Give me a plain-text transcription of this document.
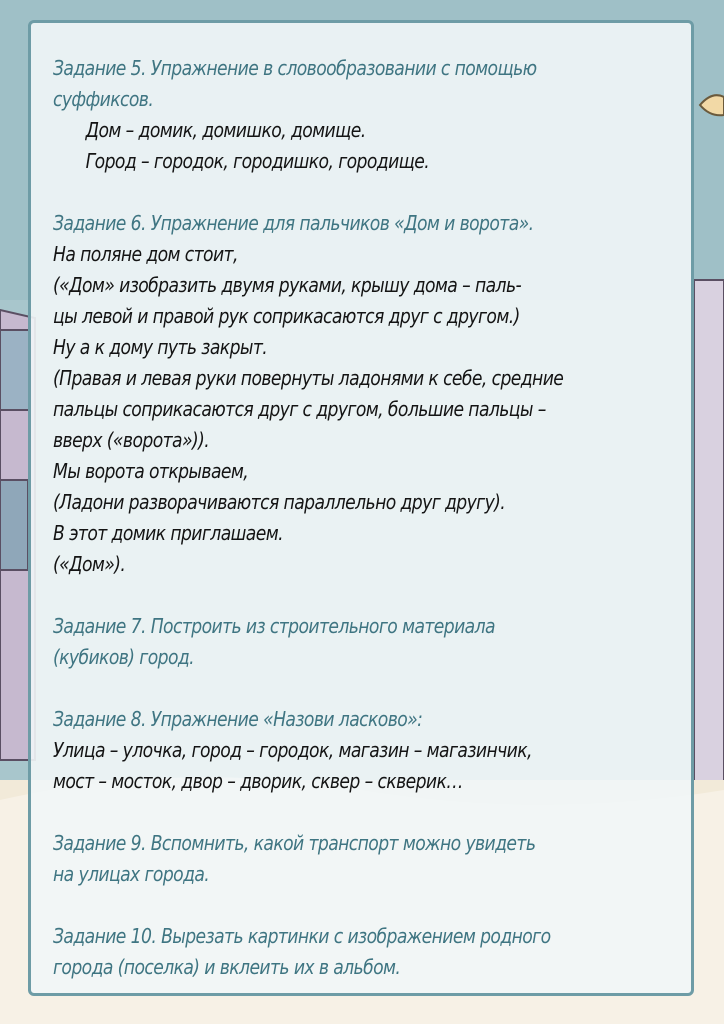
Задание 5. Упражнение в словообразовании с помощью
суффиксов.
Дом – домик, домишко, домище.
Город – городок, городишко, городище.
Задание 6. Упражнение для пальчиков «Дом и ворота».
На поляне дом стоит,
(«Дом» изобразить двумя руками, крышу дома – паль-
цы левой и правой рук соприкасаются друг с другом.)
Ну а к дому путь закрыт.
(Правая и левая руки повернуты ладонями к себе, средние
пальцы соприкасаются друг с другом, большие пальцы –
вверх («ворота»)).
Мы ворота открываем,
(Ладони разворачиваются параллельно друг другу).
В этот домик приглашаем.
(«Дом»).
Задание 7. Построить из строительного материала
(кубиков) город.
Задание 8. Упражнение «Назови ласково»:
Улица – улочка, город – городок, магазин – магазинчик,
мост – мосток, двор – дворик, сквер – скверик…
Задание 9. Вспомнить, какой транспорт можно увидеть
на улицах города.
Задание 10. Вырезать картинки с изображением родного
города (поселка) и вклеить их в альбом.
